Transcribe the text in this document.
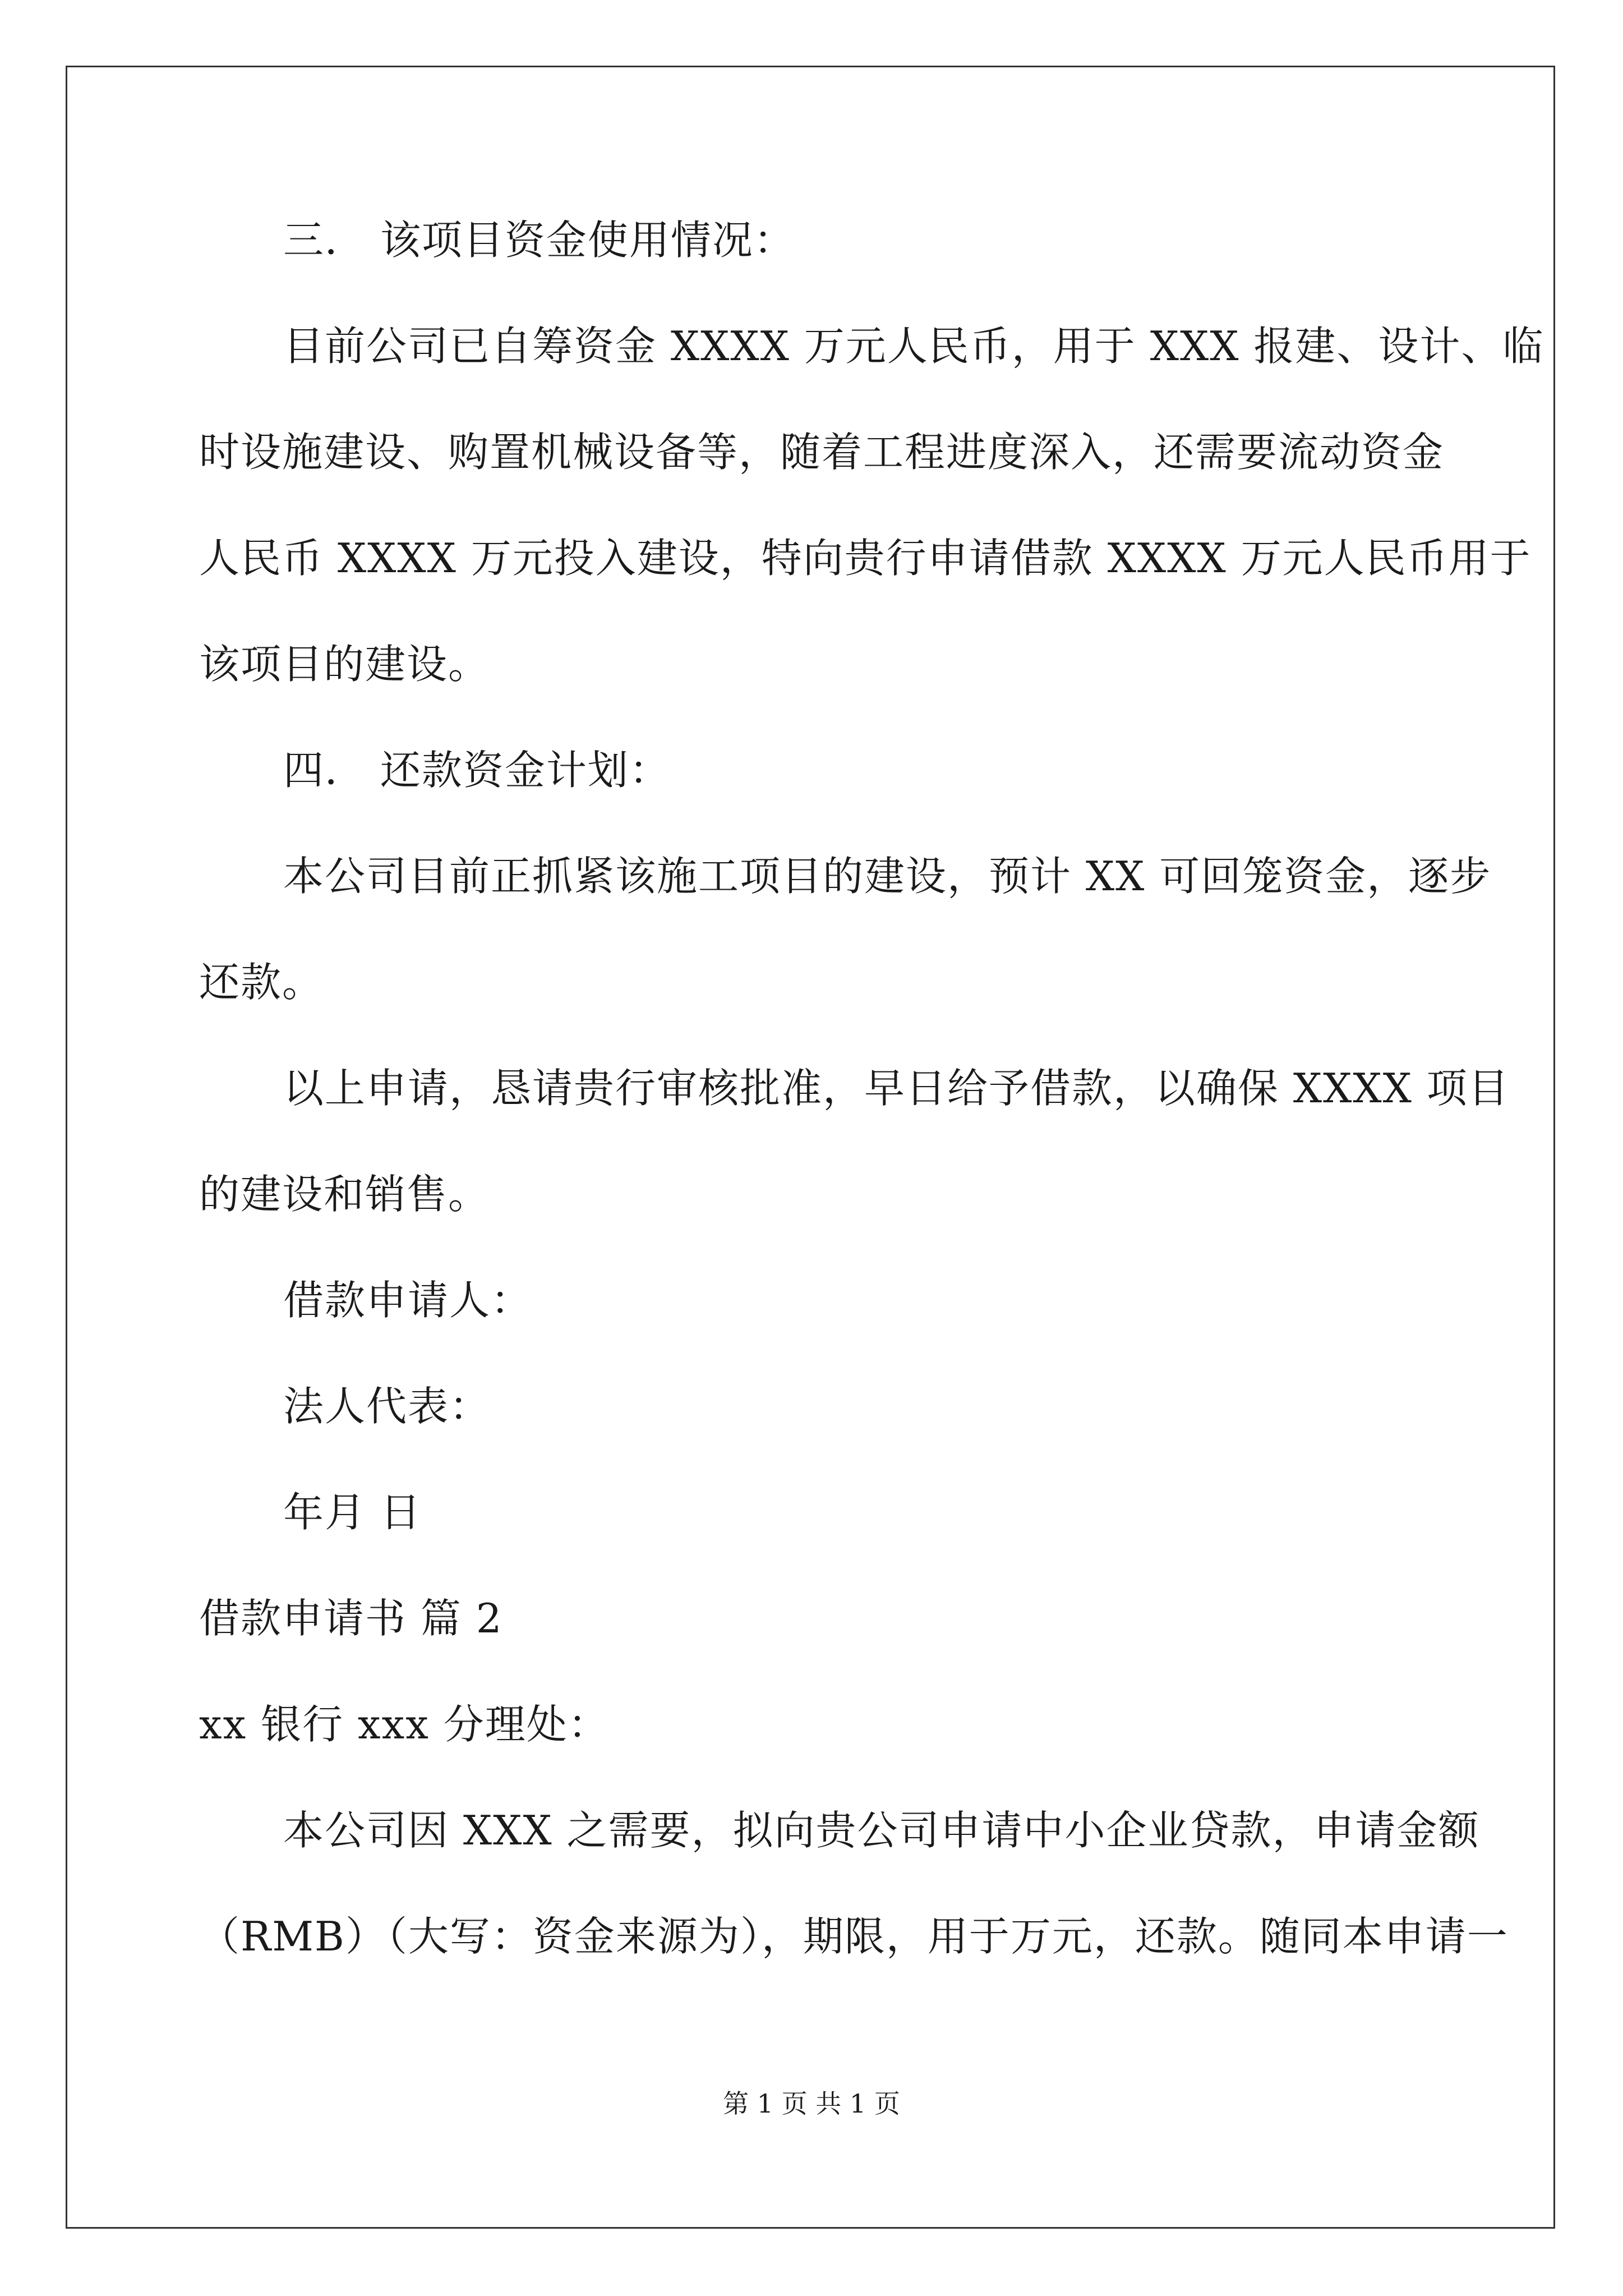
三． 该项目资金使用情况：
目前公司已自筹资金 XXXX 万元人民币，用于 XXX 报建、设计、临
时设施建设、购置机械设备等，随着工程进度深入，还需要流动资金
人民币 XXXX 万元投入建设，特向贵行申请借款 XXXX 万元人民币用于
该项目的建设。
四． 还款资金计划：
本公司目前正抓紧该施工项目的建设，预计 XX 可回笼资金，逐步
还款。
以上申请，恳请贵行审核批准，早日给予借款，以确保 XXXX 项目
的建设和销售。
借款申请人：
法人代表：
年月 日
借款申请书 篇 2
xx 银行 xxx 分理处：
本公司因 XXX 之需要，拟向贵公司申请中小企业贷款，申请金额
（RMB）（大写：资金来源为），期限，用于万元，还款。随同本申请一
第 1 页 共 1 页
